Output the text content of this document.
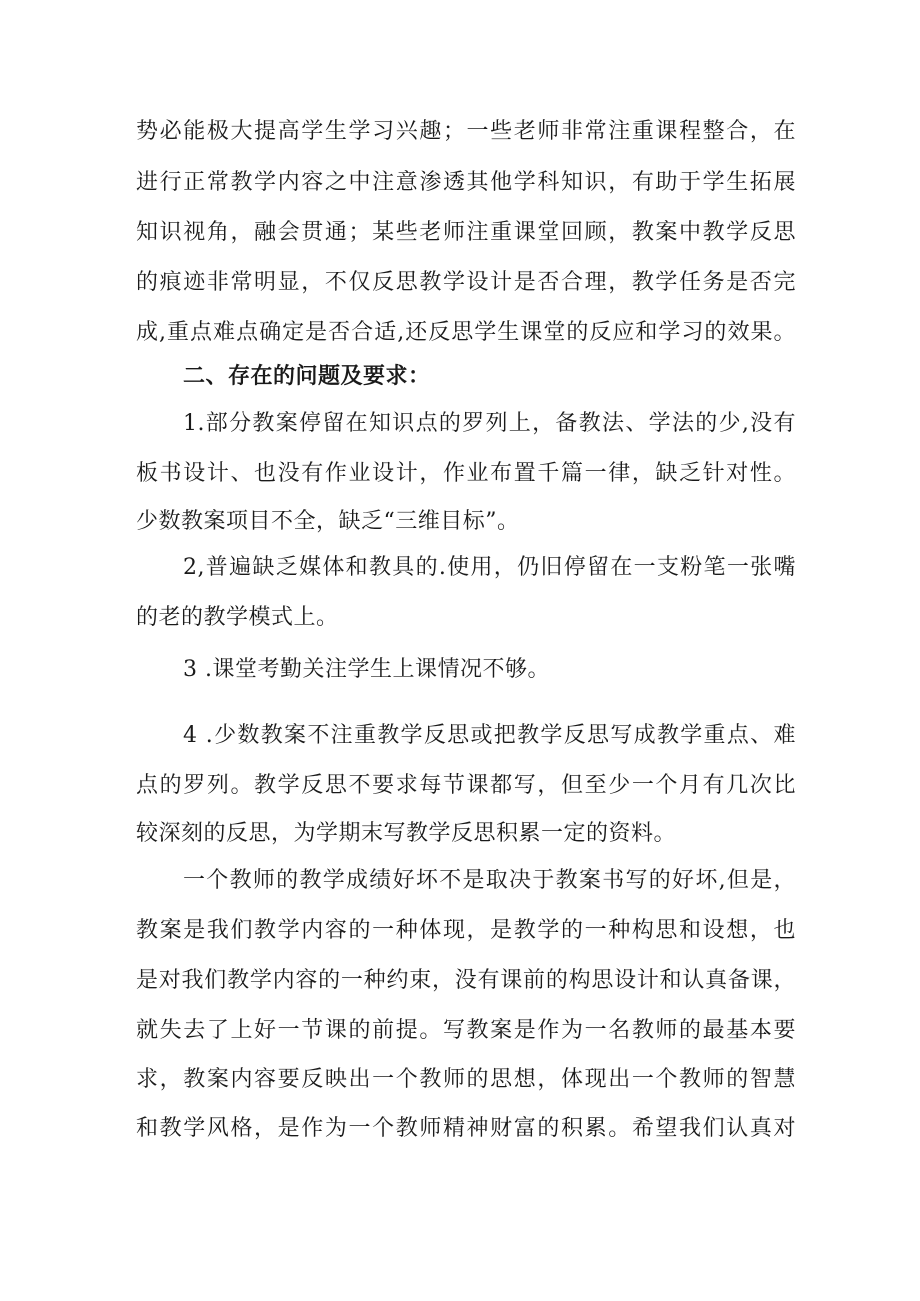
势必能极大提高学生学习兴趣；一些老师非常注重课程整合，在
进行正常教学内容之中注意渗透其他学科知识，有助于学生拓展
知识视角，融会贯通；某些老师注重课堂回顾，教案中教学反思
的痕迹非常明显，不仅反思教学设计是否合理，教学任务是否完
成,重点难点确定是否合适,还反思学生课堂的反应和学习的效果。
二、存在的问题及要求：
1.部分教案停留在知识点的罗列上，备教法、学法的少,没有
板书设计、也没有作业设计，作业布置千篇一律，缺乏针对性。
少数教案项目不全，缺乏“三维目标”。
2,普遍缺乏媒体和教具的.使用，仍旧停留在一支粉笔一张嘴
的老的教学模式上。
3 .课堂考勤关注学生上课情况不够。
4 .少数教案不注重教学反思或把教学反思写成教学重点、难
点的罗列。教学反思不要求每节课都写，但至少一个月有几次比
较深刻的反思，为学期末写教学反思积累一定的资料。
一个教师的教学成绩好坏不是取决于教案书写的好坏,但是，
教案是我们教学内容的一种体现，是教学的一种构思和设想，也
是对我们教学内容的一种约束，没有课前的构思设计和认真备课，
就失去了上好一节课的前提。写教案是作为一名教师的最基本要
求，教案内容要反映出一个教师的思想，体现出一个教师的智慧
和教学风格，是作为一个教师精神财富的积累。希望我们认真对
